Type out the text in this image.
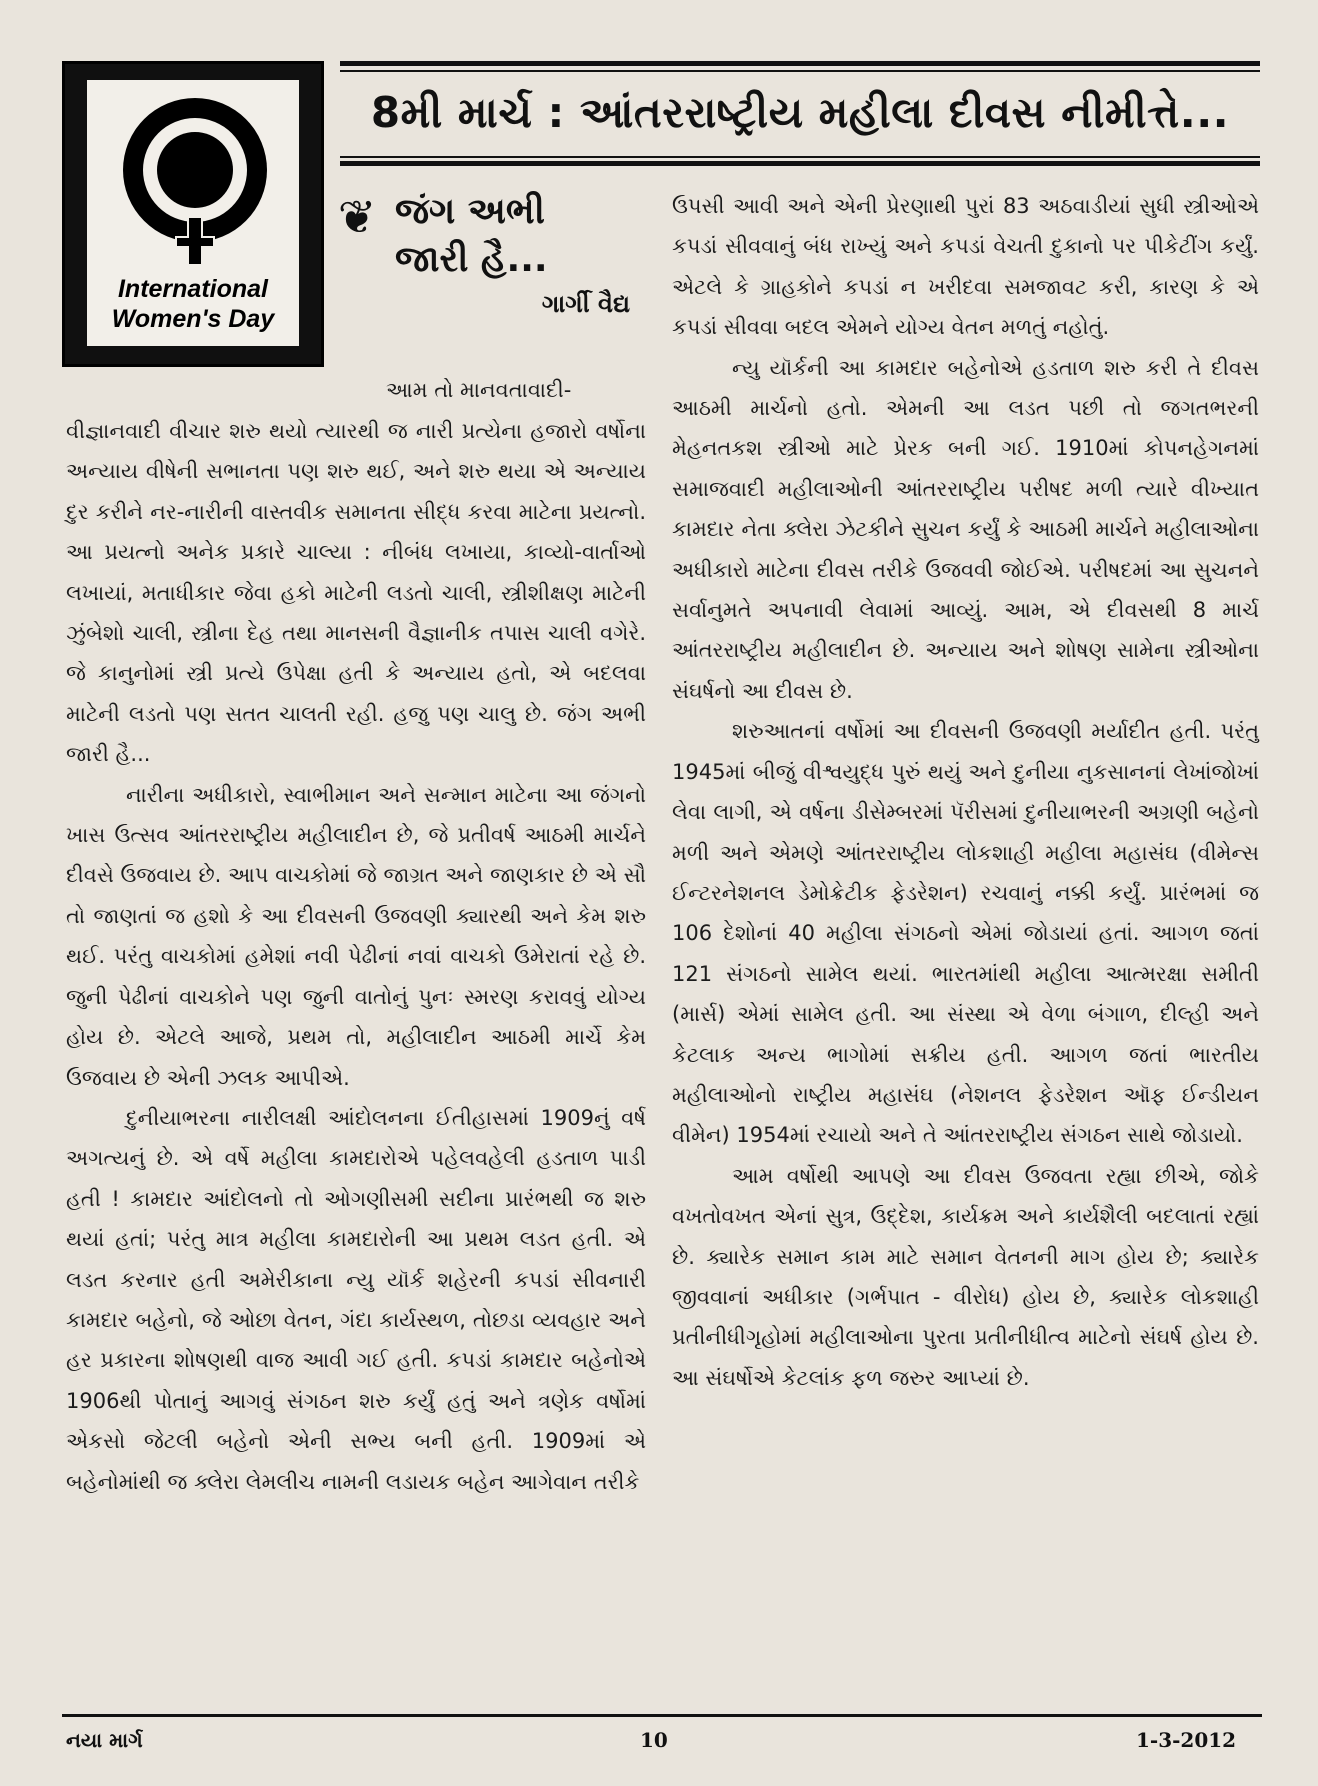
International
Women's Day
8મી માર્ચ : આંતરરાષ્ટ્રીય મહીલા દીવસ નીમીત્તે...
❦ જંગ અભી
જારી હૈ...
ગાર્ગી વૈદ્ય

આમ તો માનવતાવાદી-

વીજ્ઞાનવાદી વીચાર શરુ થયો ત્યારથી જ નારી પ્રત્યેના હજારો વર્ષોના અન્યાય વીષેની સભાનતા પણ શરુ થઈ, અને શરુ થયા એ અન્યાય દુર કરીને નર-નારીની વાસ્તવીક સમાનતા સીદ્ધ કરવા માટેના પ્રયત્નો. આ પ્રયત્નો અનેક પ્રકારે ચાલ્યા : નીબંધ લખાયા, કાવ્યો-વાર્તાઓ લખાયાં, મતાધીકાર જેવા હકો માટેની લડતો ચાલી, સ્ત્રીશીક્ષણ માટેની ઝુંબેશો ચાલી, સ્ત્રીના દેહ તથા માનસની વૈજ્ઞાનીક તપાસ ચાલી વગેરે. જે કાનુનોમાં સ્ત્રી પ્રત્યે ઉપેક્ષા હતી કે અન્યાય હતો, એ બદલવા માટેની લડતો પણ સતત ચાલતી રહી. હજુ પણ ચાલુ છે. જંગ અભી જારી હૈ...

નારીના અધીકારો, સ્વાભીમાન અને સન્માન માટેના આ જંગનો ખાસ ઉત્સવ આંતરરાષ્ટ્રીય મહીલાદીન છે, જે પ્રતીવર્ષ આઠમી માર્ચને દીવસે ઉજવાય છે. આપ વાચકોમાં જે જાગ્રત અને જાણકાર છે એ સૌ તો જાણતાં જ હશો કે આ દીવસની ઉજવણી ક્યારથી અને કેમ શરુ થઈ. પરંતુ વાચકોમાં હમેશાં નવી પેઢીનાં નવાં વાચકો ઉમેરાતાં રહે છે. જુની પેઢીનાં વાચકોને પણ જુની વાતોનું પુનઃ સ્મરણ કરાવવું યોગ્ય હોય છે. એટલે આજે, પ્રથમ તો, મહીલાદીન આઠમી માર્ચે કેમ ઉજવાય છે એની ઝલક આપીએ.

દુનીયાભરના નારીલક્ષી આંદોલનના ઈતીહાસમાં 1909નું વર્ષ અગત્યનું છે. એ વર્ષે મહીલા કામદારોએ પહેલવહેલી હડતાળ પાડી હતી ! કામદાર આંદોલનો તો ઓગણીસમી સદીના પ્રારંભથી જ શરુ થયાં હતાં; પરંતુ માત્ર મહીલા કામદારોની આ પ્રથમ લડત હતી. એ લડત કરનાર હતી અમેરીકાના ન્યુ યૉર્ક શહેરની કપડાં સીવનારી કામદાર બહેનો, જે ઓછા વેતન, ગંદા કાર્યસ્થળ, તોછડા વ્યવહાર અને હર પ્રકારના શોષણથી વાજ આવી ગઈ હતી. કપડાં કામદાર બહેનોએ 1906થી પોતાનું આગવું સંગઠન શરુ કર્યું હતું અને ત્રણેક વર્ષોમાં એકસો જેટલી બહેનો એની સભ્ય બની હતી. 1909માં એ બહેનોમાંથી જ ક્લેરા લેમલીચ નામની લડાયક બહેન આગેવાન તરીકે

ઉપસી આવી અને એની પ્રેરણાથી પુરાં 83 અઠવાડીયાં સુધી સ્ત્રીઓએ કપડાં સીવવાનું બંધ રાખ્યું અને કપડાં વેચતી દુકાનો પર પીકેટીંગ કર્યું. એટલે કે ગ્રાહકોને કપડાં ન ખરીદવા સમજાવટ કરી, કારણ કે એ કપડાં સીવવા બદલ એમને યોગ્ય વેતન મળતું નહોતું.

ન્યુ યૉર્કની આ કામદાર બહેનોએ હડતાળ શરુ કરી તે દીવસ આઠમી માર્ચનો હતો. એમની આ લડત પછી તો જગતભરની મેહનતકશ સ્ત્રીઓ માટે પ્રેરક બની ગઈ. 1910માં કોપનહેગનમાં સમાજવાદી મહીલાઓની આંતરરાષ્ટ્રીય પરીષદ મળી ત્યારે વીખ્યાત કામદાર નેતા ક્લેરા ઝેટકીને સુચન કર્યું કે આઠમી માર્ચને મહીલાઓના અધીકારો માટેના દીવસ તરીકે ઉજવવી જોઈએ. પરીષદમાં આ સુચનને સર્વાનુમતે અપનાવી લેવામાં આવ્યું. આમ, એ દીવસથી 8 માર્ચ આંતરરાષ્ટ્રીય મહીલાદીન છે. અન્યાય અને શોષણ સામેના સ્ત્રીઓના સંઘર્ષનો આ દીવસ છે.

શરુઆતનાં વર્ષોમાં આ દીવસની ઉજવણી મર્યાદીત હતી. પરંતુ 1945માં બીજું વીશ્વયુદ્ધ પુરું થયું અને દુનીયા નુકસાનનાં લેખાંજોખાં લેવા લાગી, એ વર્ષના ડીસેમ્બરમાં પૅરીસમાં દુનીયાભરની અગ્રણી બહેનો મળી અને એમણે આંતરરાષ્ટ્રીય લોકશાહી મહીલા મહાસંઘ (વીમેન્સ ઈન્ટરનેશનલ ડેમોક્રેટીક ફેડરેશન) રચવાનું નક્કી કર્યું. પ્રારંભમાં જ 106 દેશોનાં 40 મહીલા સંગઠનો એમાં જોડાયાં હતાં. આગળ જતાં 121 સંગઠનો સામેલ થયાં. ભારતમાંથી મહીલા આત્મરક્ષા સમીતી (માર્સ) એમાં સામેલ હતી. આ સંસ્થા એ વેળા બંગાળ, દીલ્હી અને કેટલાક અન્ય ભાગોમાં સક્રીય હતી. આગળ જતાં ભારતીય મહીલાઓનો રાષ્ટ્રીય મહાસંઘ (નેશનલ ફેડરેશન ઑફ ઈન્ડીયન વીમેન) 1954માં રચાયો અને તે આંતરરાષ્ટ્રીય સંગઠન સાથે જોડાયો.

આમ વર્ષોથી આપણે આ દીવસ ઉજવતા રહ્યા છીએ, જોકે વખતોવખત એનાં સુત્ર, ઉદ્દેશ, કાર્યક્રમ અને કાર્યશૈલી બદલાતાં રહ્યાં છે. ક્યારેક સમાન કામ માટે સમાન વેતનની માગ હોય છે; ક્યારેક જીવવાનાં અધીકાર (ગર્ભપાત - વીરોધ) હોય છે, ક્યારેક લોકશાહી પ્રતીનીધીગૃહોમાં મહીલાઓના પુરતા પ્રતીનીધીત્વ માટેનો સંઘર્ષ હોય છે. આ સંઘર્ષોએ કેટલાંક ફળ જરુર આપ્યાં છે.

નયા માર્ગ	10	1-3-2012
